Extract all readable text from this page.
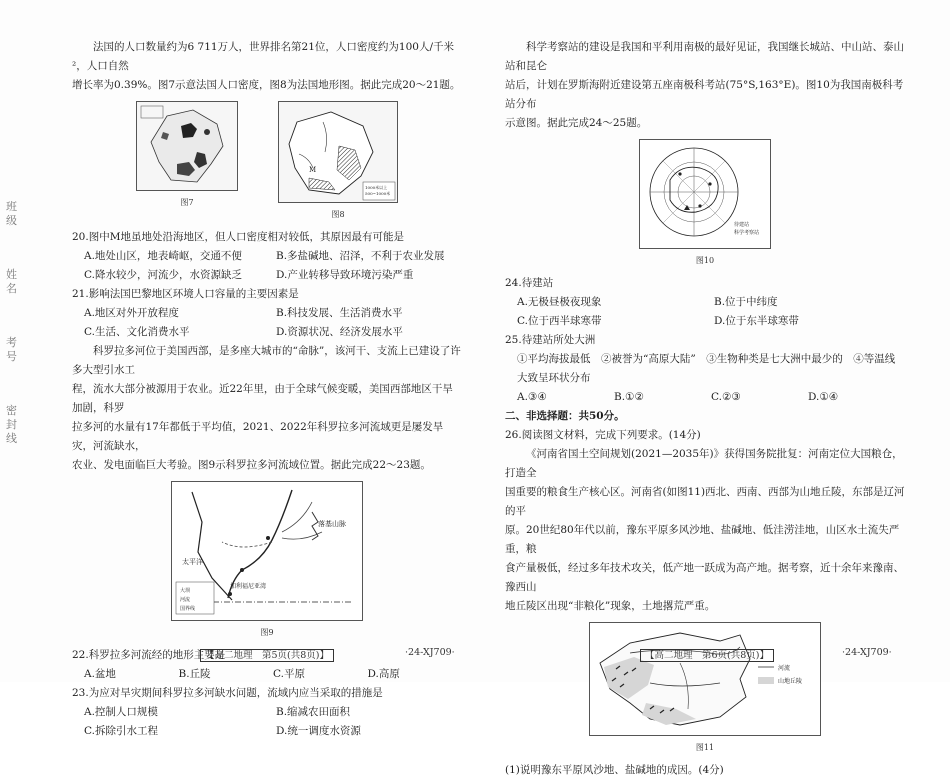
班级
姓名
考号
密封线

法国的人口数量约为6 711万人，世界排名第21位，人口密度约为100人/千米²，人口自然
增长率为0.39%。图7示意法国人口密度，图8为法国地形图。据此完成20～21题。

图7
M
1000米以上
500~1000米
图8
20.图中M地虽地处沿海地区，但人口密度相对较低，其原因最有可能是
A.地处山区，地表崎岖，交通不便	B.多盐碱地、沼泽，不利于农业发展
C.降水较少，河流少，水资源缺乏	D.产业转移导致环境污染严重
21.影响法国巴黎地区环境人口容量的主要因素是
A.地区对外开放程度	B.科技发展、生活消费水平
C.生活、文化消费水平	D.资源状况、经济发展水平

科罗拉多河位于美国西部，是多座大城市的“命脉”，该河干、支流上已建设了许多大型引水工
程，流水大部分被源用于农业。近22年里，由于全球气候变暖，美国西部地区干旱加剧，科罗
拉多河的水量有17年都低于平均值，2021、2022年科罗拉多河流域更是屡发旱灾，河流缺水，
农业、发电面临巨大考验。图9示科罗拉多河流域位置。据此完成22～23题。

落基山脉
加利福尼亚湾
太平洋
大坝
河流
国界线
图9
22.科罗拉多河流经的地形主要是
A.盆地	B.丘陵	C.平原	D.高原
23.为应对旱灾期间科罗拉多河缺水问题，流域内应当采取的措施是
A.控制人口规模	B.缩减农田面积
C.拆除引水工程	D.统一调度水资源

科学考察站的建设是我国和平利用南极的最好见证，我国继长城站、中山站、泰山站和昆仑
站后，计划在罗斯海附近建设第五座南极科考站(75°S,163°E)。图10为我国南极科考站分布
示意图。据此完成24～25题。

待建站
科学考察站
图10
24.待建站
A.无极昼极夜现象	B.位于中纬度
C.位于西半球寒带	D.位于东半球寒带
25.待建站所处大洲
①平均海拔最低　②被誉为“高原大陆”　③生物种类是七大洲中最少的　④等温线大致呈环状分布
A.③④	B.①②	C.②③	D.①④
二、非选择题：共50分。
26.阅读图文材料，完成下列要求。(14分)

《河南省国土空间规划(2021—2035年)》获得国务院批复：河南定位大国粮仓，打造全
国重要的粮食生产核心区。河南省(如图11)西北、西南、西部为山地丘陵，东部是辽河的平
原。20世纪80年代以前，豫东平原多风沙地、盐碱地、低洼涝洼地，山区水土流失严重，粮
食产量极低，经过多年技术攻关，低产地一跃成为高产地。据考察，近十余年来豫南、豫西山
地丘陵区出现“非粮化”现象，土地撂荒严重。

河流
山地丘陵
图11
(1)说明豫东平原风沙地、盐碱地的成因。(4分)
【高二地理　第5页(共8页)】	·24-XJ709·	【高二地理　第6页(共8页)】	·24-XJ709·
